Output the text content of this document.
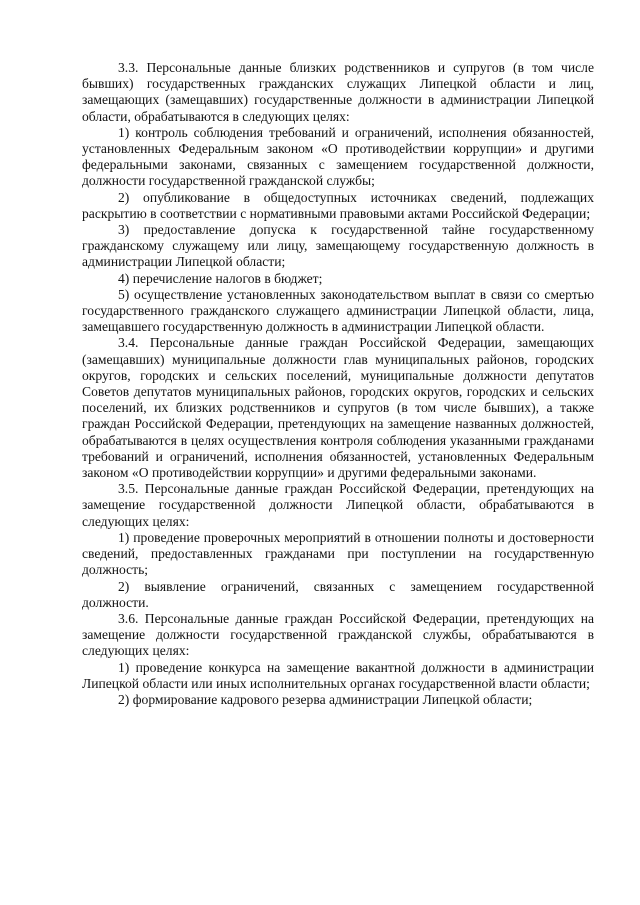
3.3. Персональные данные близких родственников и супругов (в том числе бывших) государственных гражданских служащих Липецкой области и лиц, замещающих (замещавших) государственные должности в администрации Липецкой области, обрабатываются в следующих целях:

1) контроль соблюдения требований и ограничений, исполнения обязанностей, установленных Федеральным законом «О противодействии коррупции» и другими федеральными законами, связанных с замещением государственной должности, должности государственной гражданской службы;

2) опубликование в общедоступных источниках сведений, подлежащих раскрытию в соответствии с нормативными правовыми актами Российской Федерации;

3) предоставление допуска к государственной тайне государственному гражданскому служащему или лицу, замещающему государственную должность в администрации Липецкой области;

4) перечисление налогов в бюджет;

5) осуществление установленных законодательством выплат в связи со смертью государственного гражданского служащего администрации Липецкой области, лица, замещавшего государственную должность в администрации Липецкой области.

3.4. Персональные данные граждан Российской Федерации, замещающих (замещавших) муниципальные должности глав муниципальных районов, городских округов, городских и сельских поселений, муниципальные должности депутатов Советов депутатов муниципальных районов, городских округов, городских и сельских поселений, их близких родственников и супругов (в том числе бывших), а также граждан Российской Федерации, претендующих на замещение названных должностей, обрабатываются в целях осуществления контроля соблюдения указанными гражданами требований и ограничений, исполнения обязанностей, установленных Федеральным законом «О противодействии коррупции» и другими федеральными законами.

3.5. Персональные данные граждан Российской Федерации, претендующих на замещение государственной должности Липецкой области, обрабатываются в следующих целях:

1) проведение проверочных мероприятий в отношении полноты и достоверности сведений, предоставленных гражданами при поступлении на государственную должность;

2) выявление ограничений, связанных с замещением государственной должности.

3.6. Персональные данные граждан Российской Федерации, претендующих на замещение должности государственной гражданской службы, обрабатываются в следующих целях:

1) проведение конкурса на замещение вакантной должности в администрации Липецкой области или иных исполнительных органах государственной власти области;

2) формирование кадрового резерва администрации Липецкой области;
